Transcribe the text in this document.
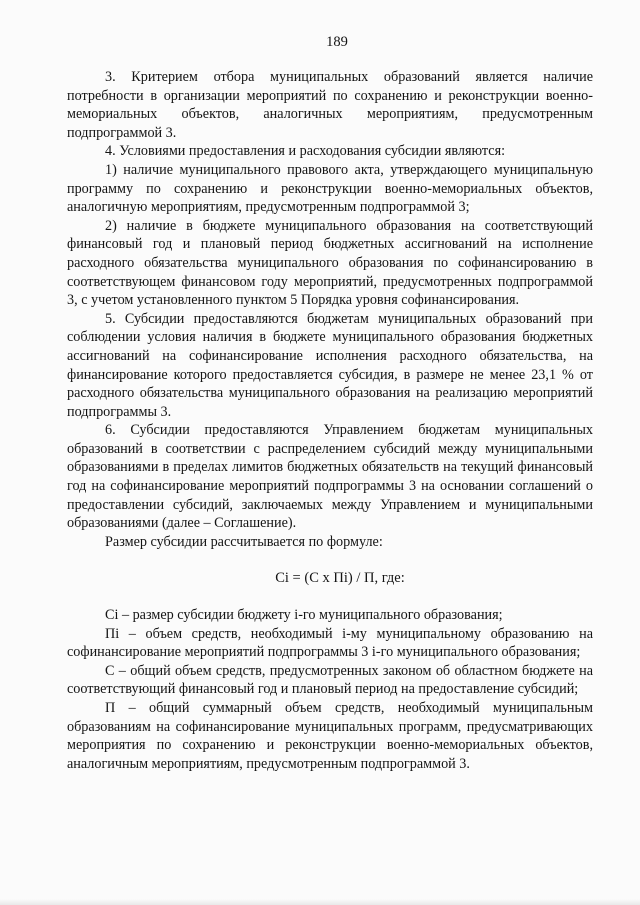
189

3. Критерием отбора муниципальных образований является наличие потребности в организации мероприятий по сохранению и реконструкции военно-мемориальных объектов, аналогичных мероприятиям, предусмотренным подпрограммой 3.

4. Условиями предоставления и расходования субсидии являются:

1) наличие муниципального правового акта, утверждающего муниципальную программу по сохранению и реконструкции военно-мемориальных объектов, аналогичную мероприятиям, предусмотренным подпрограммой 3;

2) наличие в бюджете муниципального образования на соответствующий финансовый год и плановый период бюджетных ассигнований на исполнение расходного обязательства муниципального образования по софинансированию в соответствующем финансовом году мероприятий, предусмотренных подпрограммой 3, с учетом установленного пунктом 5 Порядка уровня софинансирования.

5. Субсидии предоставляются бюджетам муниципальных образований при соблюдении условия наличия в бюджете муниципального образования бюджетных ассигнований на софинансирование исполнения расходного обязательства, на финансирование которого предоставляется субсидия, в размере не менее 23,1 % от расходного обязательства муниципального образования на реализацию мероприятий подпрограммы 3.

6. Субсидии предоставляются Управлением бюджетам муниципальных образований в соответствии с распределением субсидий между муниципальными образованиями в пределах лимитов бюджетных обязательств на текущий финансовый год на софинансирование мероприятий подпрограммы 3 на основании соглашений о предоставлении субсидий, заключаемых между Управлением и муниципальными образованиями (далее – Соглашение).

Размер субсидии рассчитывается по формуле:

Ci = (С x Пi) / П, где:

Ci – размер субсидии бюджету i-го муниципального образования;

Пi – объем средств, необходимый i-му муниципальному образованию на софинансирование мероприятий подпрограммы 3 i-го муниципального образования;

С – общий объем средств, предусмотренных законом об областном бюджете на соответствующий финансовый год и плановый период на предоставление субсидий;

П – общий суммарный объем средств, необходимый муниципальным образованиям на софинансирование муниципальных программ, предусматривающих мероприятия по сохранению и реконструкции военно-мемориальных объектов, аналогичным мероприятиям, предусмотренным подпрограммой 3.
